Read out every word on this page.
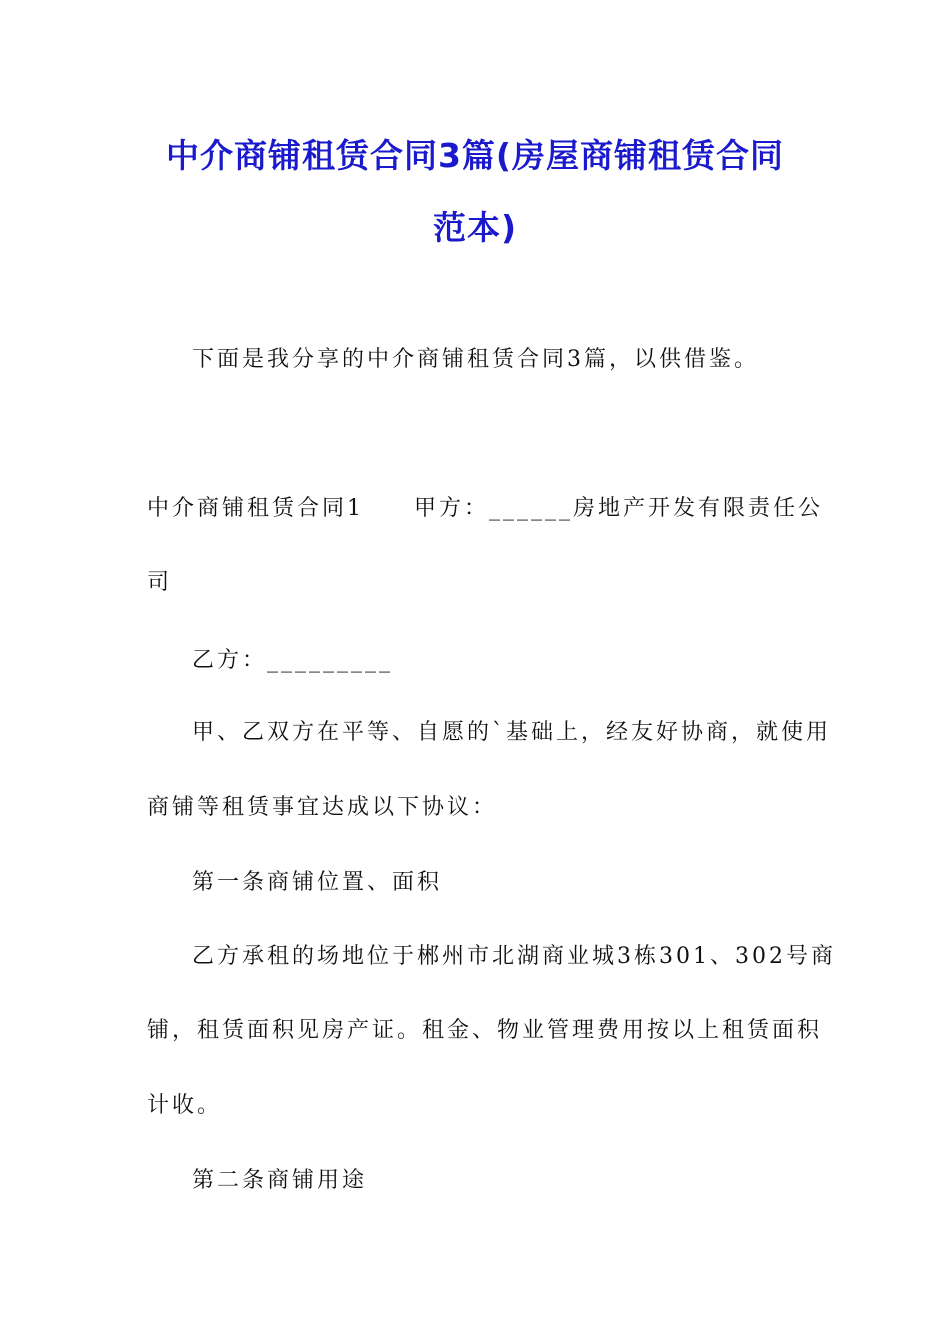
中介商铺租赁合同3篇(房屋商铺租赁合同
范本)
下面是我分享的中介商铺租赁合同3篇，以供借鉴。
中介商铺租赁合同1　　甲方：______房地产开发有限责任公
司
乙方：_________
甲、乙双方在平等、自愿的`基础上，经友好协商，就使用
商铺等租赁事宜达成以下协议：
第一条商铺位置、面积
乙方承租的场地位于郴州市北湖商业城3栋301、302号商
铺，租赁面积见房产证。租金、物业管理费用按以上租赁面积
计收。
第二条商铺用途
